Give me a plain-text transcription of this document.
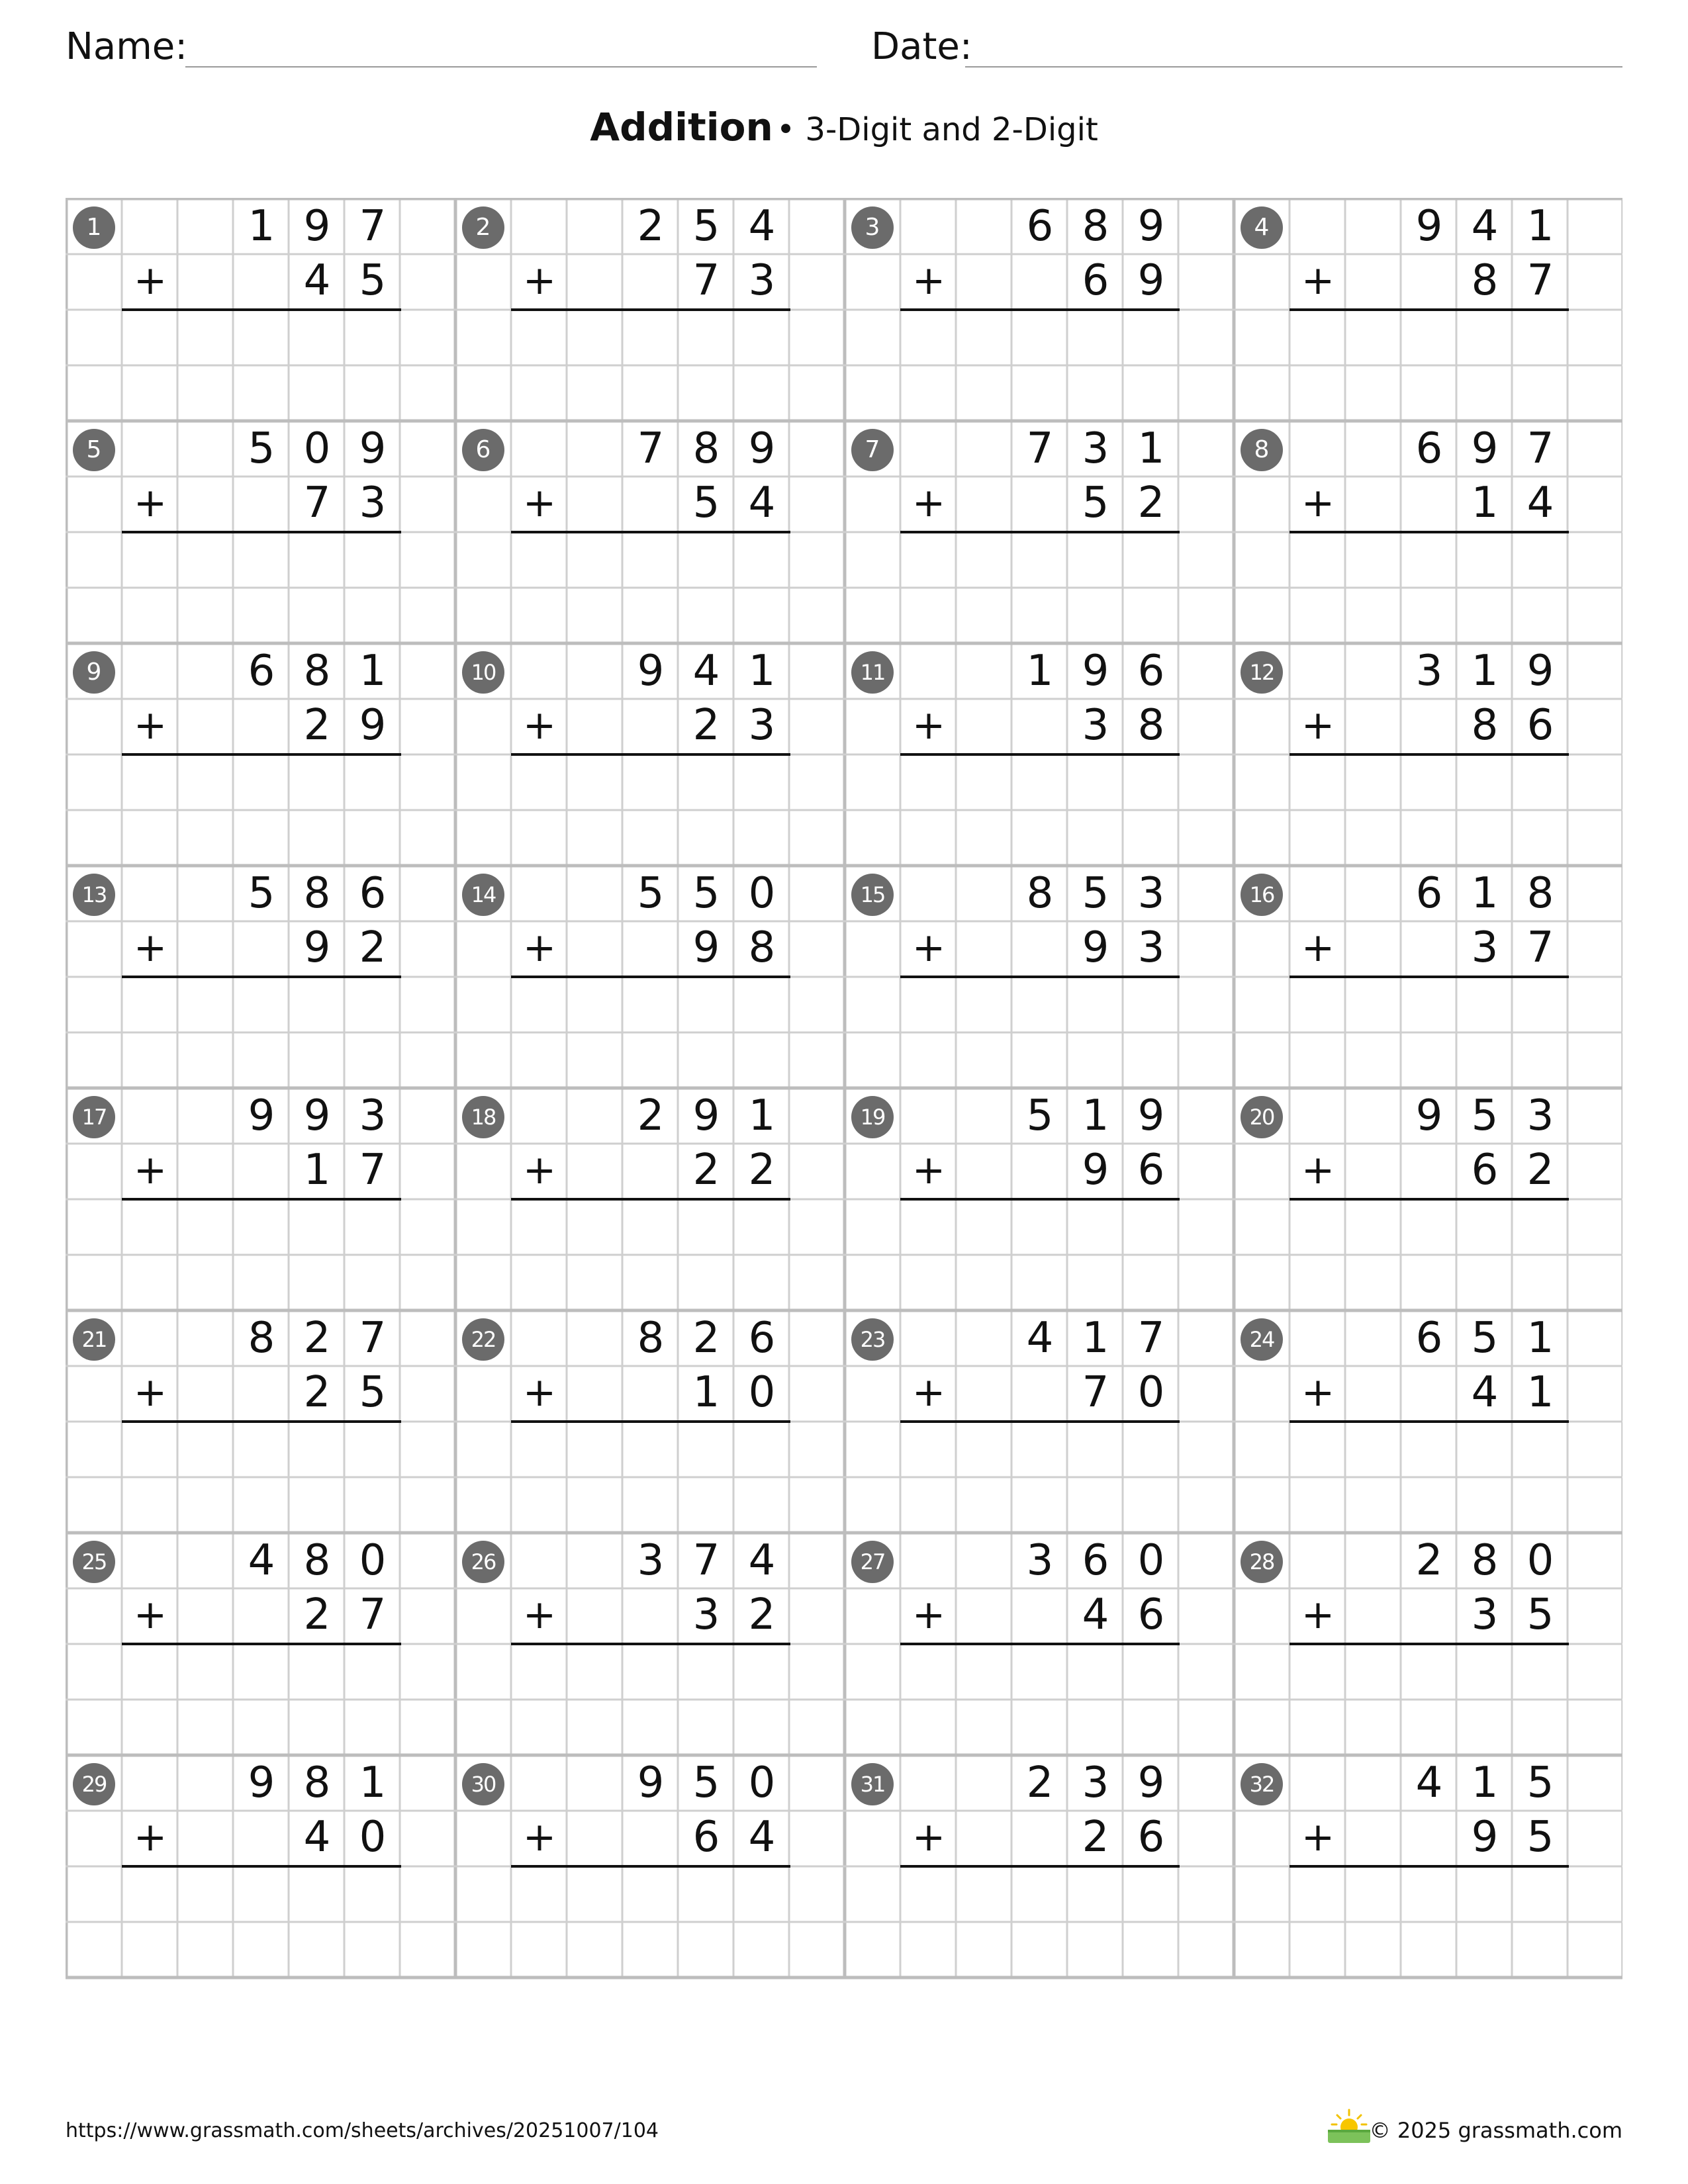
Name:	Date:
Addition • 3-Digit and 2-Digit
1	1 9 7
+	4 5
2	2 5 4
+	7 3
3	6 8 9
+	6 9
4	9 4 1
+	8 7
5	5 0 9
+	7 3
6	7 8 9
+	5 4
7	7 3 1
+	5 2
8	6 9 7
+	1 4
9	6 8 1
+	2 9
10	9 4 1
+	2 3
11	1 9 6
+	3 8
12	3 1 9
+	8 6
13	5 8 6
+	9 2
14	5 5 0
+	9 8
15	8 5 3
+	9 3
16	6 1 8
+	3 7
17	9 9 3
+	1 7
18	2 9 1
+	2 2
19	5 1 9
+	9 6
20	9 5 3
+	6 2
21	8 2 7
+	2 5
22	8 2 6
+	1 0
23	4 1 7
+	7 0
24	6 5 1
+	4 1
25	4 8 0
+	2 7
26	3 7 4
+	3 2
27	3 6 0
+	4 6
28	2 8 0
+	3 5
29	9 8 1
+	4 0
30	9 5 0
+	6 4
31	2 3 9
+	2 6
32	4 1 5
+	9 5
https://www.grassmath.com/sheets/archives/20251007/104	© 2025 grassmath.com
